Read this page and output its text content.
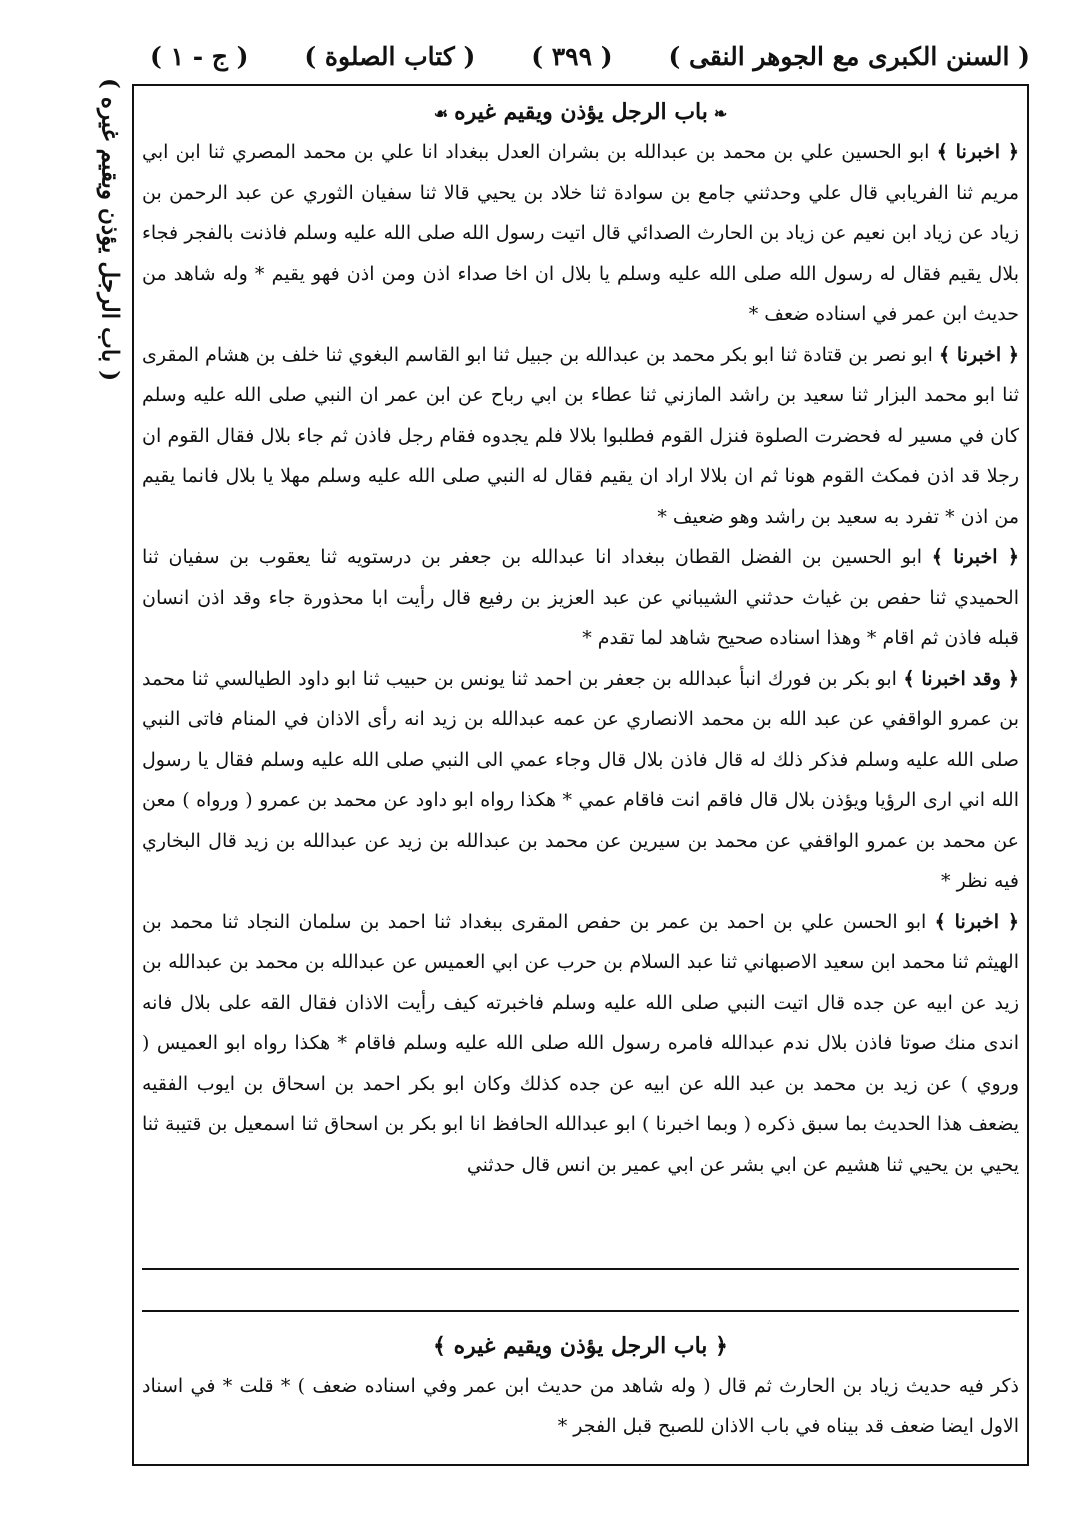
( السنن الكبرى مع الجوهر النقى )
( ٣٩٩ )
( كتاب الصلوة )
( ج - ١ )
( باب الرجل يؤذن ويقيم غيره )
❧باب الرجل يؤذن ويقيم غيره☙

﴿ اخبرنا ﴾ ابو الحسين علي بن محمد بن عبدالله بن بشران العدل ببغداد انا علي بن محمد المصري ثنا ابن ابي مريم ثنا الفريابي قال علي وحدثني جامع بن سوادة ثنا خلاد بن يحيي قالا ثنا سفيان الثوري عن عبد الرحمن بن زياد عن زياد ابن نعيم عن زياد بن الحارث الصدائي قال اتيت رسول الله صلى الله عليه وسلم فاذنت بالفجر فجاء بلال يقيم فقال له رسول الله صلى الله عليه وسلم يا بلال ان اخا صداء اذن ومن اذن فهو يقيم * وله شاهد من حديث ابن عمر في اسناده ضعف *

﴿ اخبرنا ﴾ ابو نصر بن قتادة ثنا ابو بكر محمد بن عبدالله بن جبيل ثنا ابو القاسم البغوي ثنا خلف بن هشام المقرى ثنا ابو محمد البزار ثنا سعيد بن راشد المازني ثنا عطاء بن ابي رباح عن ابن عمر ان النبي صلى الله عليه وسلم كان في مسير له فحضرت الصلوة فنزل القوم فطلبوا بلالا فلم يجدوه فقام رجل فاذن ثم جاء بلال فقال القوم ان رجلا قد اذن فمكث القوم هونا ثم ان بلالا اراد ان يقيم فقال له النبي صلى الله عليه وسلم مهلا يا بلال فانما يقيم من اذن * تفرد به سعيد بن راشد وهو ضعيف *

﴿ اخبرنا ﴾ ابو الحسين بن الفضل القطان ببغداد انا عبدالله بن جعفر بن درستويه ثنا يعقوب بن سفيان ثنا الحميدي ثنا حفص بن غياث حدثني الشيباني عن عبد العزيز بن رفيع قال رأيت ابا محذورة جاء وقد اذن انسان قبله فاذن ثم اقام * وهذا اسناده صحيح شاهد لما تقدم *

﴿ وقد اخبرنا ﴾ ابو بكر بن فورك انبأ عبدالله بن جعفر بن احمد ثنا يونس بن حبيب ثنا ابو داود الطيالسي ثنا محمد بن عمرو الواقفي عن عبد الله بن محمد الانصاري عن عمه عبدالله بن زيد انه رأى الاذان في المنام فاتى النبي صلى الله عليه وسلم فذكر ذلك له قال فاذن بلال قال وجاء عمي الى النبي صلى الله عليه وسلم فقال يا رسول الله اني ارى الرؤيا ويؤذن بلال قال فاقم انت فاقام عمي * هكذا رواه ابو داود عن محمد بن عمرو ( ورواه ) معن عن محمد بن عمرو الواقفي عن محمد بن سيرين عن محمد بن عبدالله بن زيد عن عبدالله بن زيد قال البخاري فيه نظر *

﴿ اخبرنا ﴾ ابو الحسن علي بن احمد بن عمر بن حفص المقرى ببغداد ثنا احمد بن سلمان النجاد ثنا محمد بن الهيثم ثنا محمد ابن سعيد الاصبهاني ثنا عبد السلام بن حرب عن ابي العميس عن عبدالله بن محمد بن عبدالله بن زيد عن ابيه عن جده قال اتيت النبي صلى الله عليه وسلم فاخبرته كيف رأيت الاذان فقال القه على بلال فانه اندى منك صوتا فاذن بلال ندم عبدالله فامره رسول الله صلى الله عليه وسلم فاقام * هكذا رواه ابو العميس ( وروي ) عن زيد بن محمد بن عبد الله عن ابيه عن جده كذلك وكان ابو بكر احمد بن اسحاق بن ايوب الفقيه يضعف هذا الحديث بما سبق ذكره ( وبما اخبرنا ) ابو عبدالله الحافظ انا ابو بكر بن اسحاق ثنا اسمعيل بن قتيبة ثنا يحيي بن يحيي ثنا هشيم عن ابي بشر عن ابي عمير بن انس قال حدثني

﴿ باب الرجل يؤذن ويقيم غيره ﴾

ذكر فيه حديث زياد بن الحارث ثم قال ( وله شاهد من حديث ابن عمر وفي اسناده ضعف ) * قلت * في اسناد الاول ايضا ضعف قد بيناه في باب الاذان للصبح قبل الفجر *
